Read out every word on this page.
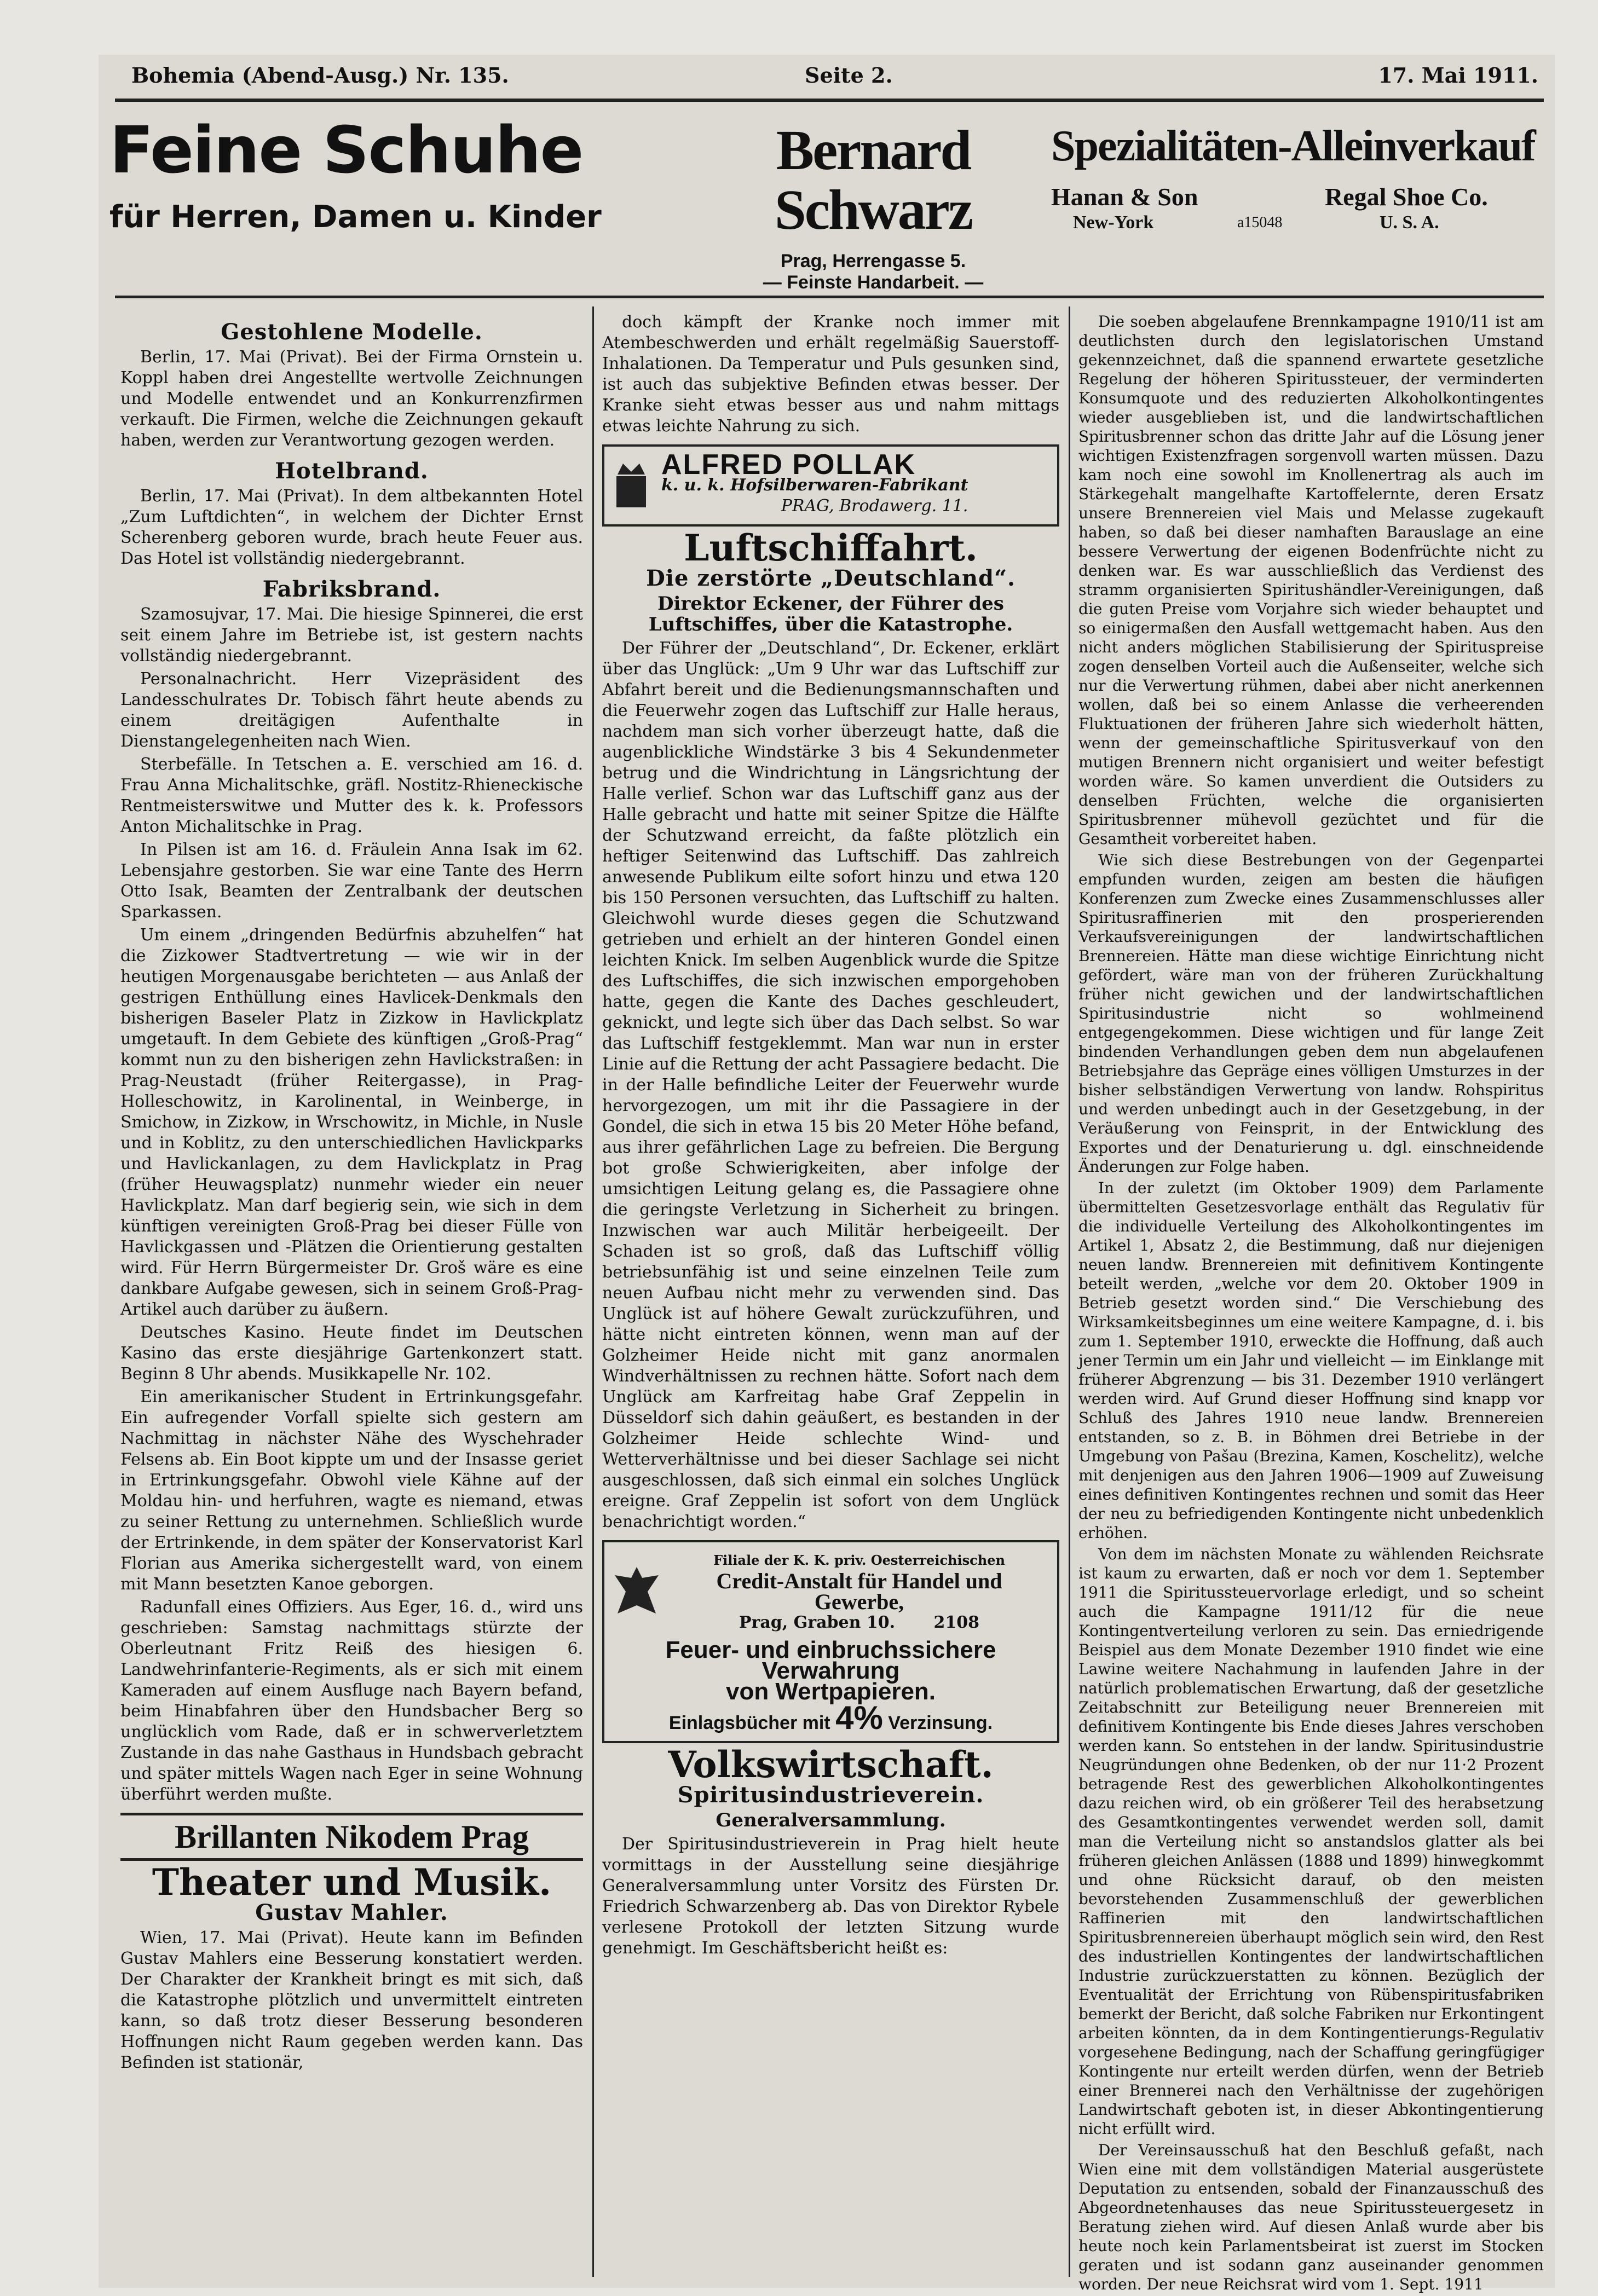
Bohemia (Abend-Ausg.) Nr. 135.	Seite 2.	17. Mai 1911.
Feine Schuhe
für Herren, Damen u. Kinder
Bernard Schwarz
Prag, Herrengasse 5.
— Feinste Handarbeit. —
Spezialitäten-Alleinverkauf
Hanan & Son	Regal Shoe Co.
New-York	a15048	U. S. A.
Gestohlene Modelle.

Berlin, 17. Mai (Privat). Bei der Firma Ornstein u. Koppl haben drei Angestellte wertvolle Zeichnungen und Modelle entwendet und an Konkurrenzfirmen verkauft. Die Firmen, welche die Zeichnungen gekauft haben, werden zur Verantwortung gezogen werden.

Hotelbrand.

Berlin, 17. Mai (Privat). In dem altbekannten Hotel „Zum Luftdichten“, in welchem der Dichter Ernst Scherenberg geboren wurde, brach heute Feuer aus. Das Hotel ist vollständig niedergebrannt.

Fabriksbrand.

Szamosujvar, 17. Mai. Die hiesige Spinnerei, die erst seit einem Jahre im Betriebe ist, ist gestern nachts vollständig niedergebrannt.

Personalnachricht. Herr Vizepräsident des Landesschulrates Dr. Tobisch fährt heute abends zu einem dreitägigen Aufenthalte in Dienstangelegenheiten nach Wien.

Sterbefälle. In Tetschen a. E. verschied am 16. d. Frau Anna Michalitschke, gräfl. Nostitz-Rhieneckische Rentmeisterswitwe und Mutter des k. k. Professors Anton Michalitschke in Prag.

In Pilsen ist am 16. d. Fräulein Anna Isak im 62. Lebensjahre gestorben. Sie war eine Tante des Herrn Otto Isak, Beamten der Zentralbank der deutschen Sparkassen.

Um einem „dringenden Bedürfnis abzuhelfen“ hat die Zizkower Stadtvertretung — wie wir in der heutigen Morgenausgabe berichteten — aus Anlaß der gestrigen Enthüllung eines Havlicek-Denkmals den bisherigen Baseler Platz in Zizkow in Havlickplatz umgetauft. In dem Gebiete des künftigen „Groß-Prag“ kommt nun zu den bisherigen zehn Havlickstraßen: in Prag-Neustadt (früher Reitergasse), in Prag-Holleschowitz, in Karolinental, in Weinberge, in Smichow, in Zizkow, in Wrschowitz, in Michle, in Nusle und in Koblitz, zu den unterschiedlichen Havlickparks und Havlickanlagen, zu dem Havlickplatz in Prag (früher Heuwagsplatz) nunmehr wieder ein neuer Havlickplatz. Man darf begierig sein, wie sich in dem künftigen vereinigten Groß-Prag bei dieser Fülle von Havlickgassen und -Plätzen die Orientierung gestalten wird. Für Herrn Bürgermeister Dr. Groš wäre es eine dankbare Aufgabe gewesen, sich in seinem Groß-Prag-Artikel auch darüber zu äußern.

Deutsches Kasino. Heute findet im Deutschen Kasino das erste diesjährige Gartenkonzert statt. Beginn 8 Uhr abends. Musikkapelle Nr. 102.

Ein amerikanischer Student in Ertrinkungsgefahr. Ein aufregender Vorfall spielte sich gestern am Nachmittag in nächster Nähe des Wyschehrader Felsens ab. Ein Boot kippte um und der Insasse geriet in Ertrinkungsgefahr. Obwohl viele Kähne auf der Moldau hin- und herfuhren, wagte es niemand, etwas zu seiner Rettung zu unternehmen. Schließlich wurde der Ertrinkende, in dem später der Konservatorist Karl Florian aus Amerika sichergestellt ward, von einem mit Mann besetzten Kanoe geborgen.

Radunfall eines Offiziers. Aus Eger, 16. d., wird uns geschrieben: Samstag nachmittags stürzte der Oberleutnant Fritz Reiß des hiesigen 6. Landwehrinfanterie-Regiments, als er sich mit einem Kameraden auf einem Ausfluge nach Bayern befand, beim Hinabfahren über den Hundsbacher Berg so unglücklich vom Rade, daß er in schwerverletztem Zustande in das nahe Gasthaus in Hundsbach gebracht und später mittels Wagen nach Eger in seine Wohnung überführt werden mußte.

Brillanten Nikodem Prag
Theater und Musik.
Gustav Mahler.

Wien, 17. Mai (Privat). Heute kann im Befinden Gustav Mahlers eine Besserung konstatiert werden. Der Charakter der Krankheit bringt es mit sich, daß die Katastrophe plötzlich und unvermittelt eintreten kann, so daß trotz dieser Besserung besonderen Hoffnungen nicht Raum gegeben werden kann. Das Befinden ist stationär,

doch kämpft der Kranke noch immer mit Atembeschwerden und erhält regelmäßig Sauerstoff-Inhalationen. Da Temperatur und Puls gesunken sind, ist auch das subjektive Befinden etwas besser. Der Kranke sieht etwas besser aus und nahm mittags etwas leichte Nahrung zu sich.

ALFRED POLLAK
k. u. k. Hofsilberwaren-Fabrikant
PRAG, Brodawerg. 11.
Luftschiffahrt.
Die zerstörte „Deutschland“.
Direktor Eckener, der Führer des Luftschiffes, über die Katastrophe.

Der Führer der „Deutschland“, Dr. Eckener, erklärt über das Unglück: „Um 9 Uhr war das Luftschiff zur Abfahrt bereit und die Bedienungsmannschaften und die Feuerwehr zogen das Luftschiff zur Halle heraus, nachdem man sich vorher überzeugt hatte, daß die augenblickliche Windstärke 3 bis 4 Sekundenmeter betrug und die Windrichtung in Längsrichtung der Halle verlief. Schon war das Luftschiff ganz aus der Halle gebracht und hatte mit seiner Spitze die Hälfte der Schutzwand erreicht, da faßte plötzlich ein heftiger Seitenwind das Luftschiff. Das zahlreich anwesende Publikum eilte sofort hinzu und etwa 120 bis 150 Personen versuchten, das Luftschiff zu halten. Gleichwohl wurde dieses gegen die Schutzwand getrieben und erhielt an der hinteren Gondel einen leichten Knick. Im selben Augenblick wurde die Spitze des Luftschiffes, die sich inzwischen emporgehoben hatte, gegen die Kante des Daches geschleudert, geknickt, und legte sich über das Dach selbst. So war das Luftschiff festgeklemmt. Man war nun in erster Linie auf die Rettung der acht Passagiere bedacht. Die in der Halle befindliche Leiter der Feuerwehr wurde hervorgezogen, um mit ihr die Passagiere in der Gondel, die sich in etwa 15 bis 20 Meter Höhe befand, aus ihrer gefährlichen Lage zu befreien. Die Bergung bot große Schwierigkeiten, aber infolge der umsichtigen Leitung gelang es, die Passagiere ohne die geringste Verletzung in Sicherheit zu bringen. Inzwischen war auch Militär herbeigeeilt. Der Schaden ist so groß, daß das Luftschiff völlig betriebsunfähig ist und seine einzelnen Teile zum neuen Aufbau nicht mehr zu verwenden sind. Das Unglück ist auf höhere Gewalt zurückzuführen, und hätte nicht eintreten können, wenn man auf der Golzheimer Heide nicht mit ganz anormalen Windverhältnissen zu rechnen hätte. Sofort nach dem Unglück am Karfreitag habe Graf Zeppelin in Düsseldorf sich dahin geäußert, es bestanden in der Golzheimer Heide schlechte Wind- und Wetterverhältnisse und bei dieser Sachlage sei nicht ausgeschlossen, daß sich einmal ein solches Unglück ereigne. Graf Zeppelin ist sofort von dem Unglück benachrichtigt worden.“

Filiale der K. K. priv. Oesterreichischen
Credit-Anstalt für Handel und Gewerbe,
Prag, Graben 10. 2108
Feuer- und einbruchssichere Verwahrung
von Wertpapieren.
Einlagsbücher mit 4% Verzinsung.
Volkswirtschaft.
Spiritusindustrieverein.
Generalversammlung.

Der Spiritusindustrieverein in Prag hielt heute vormittags in der Ausstellung seine diesjährige Generalversammlung unter Vorsitz des Fürsten Dr. Friedrich Schwarzenberg ab. Das von Direktor Rybele verlesene Protokoll der letzten Sitzung wurde genehmigt. Im Geschäftsbericht heißt es:

Die soeben abgelaufene Brennkampagne 1910/11 ist am deutlichsten durch den legislatorischen Umstand gekennzeichnet, daß die spannend erwartete gesetzliche Regelung der höheren Spiritussteuer, der verminderten Konsumquote und des reduzierten Alkoholkontingentes wieder ausgeblieben ist, und die landwirtschaftlichen Spiritusbrenner schon das dritte Jahr auf die Lösung jener wichtigen Existenzfragen sorgenvoll warten müssen. Dazu kam noch eine sowohl im Knollenertrag als auch im Stärkegehalt mangelhafte Kartoffelernte, deren Ersatz unsere Brennereien viel Mais und Melasse zugekauft haben, so daß bei dieser namhaften Barauslage an eine bessere Verwertung der eigenen Bodenfrüchte nicht zu denken war. Es war ausschließlich das Verdienst des stramm organisierten Spiritushändler-Vereinigungen, daß die guten Preise vom Vorjahre sich wieder behauptet und so einigermaßen den Ausfall wettgemacht haben. Aus den nicht anders möglichen Stabilisierung der Spirituspreise zogen denselben Vorteil auch die Außenseiter, welche sich nur die Verwertung rühmen, dabei aber nicht anerkennen wollen, daß bei so einem Anlasse die verheerenden Fluktuationen der früheren Jahre sich wiederholt hätten, wenn der gemeinschaftliche Spiritusverkauf von den mutigen Brennern nicht organisiert und weiter befestigt worden wäre. So kamen unverdient die Outsiders zu denselben Früchten, welche die organisierten Spiritusbrenner mühevoll gezüchtet und für die Gesamtheit vorbereitet haben.

Wie sich diese Bestrebungen von der Gegenpartei empfunden wurden, zeigen am besten die häufigen Konferenzen zum Zwecke eines Zusammenschlusses aller Spiritusraffinerien mit den prosperierenden Verkaufsvereinigungen der landwirtschaftlichen Brennereien. Hätte man diese wichtige Einrichtung nicht gefördert, wäre man von der früheren Zurückhaltung früher nicht gewichen und der landwirtschaftlichen Spiritusindustrie nicht so wohlmeinend entgegengekommen. Diese wichtigen und für lange Zeit bindenden Verhandlungen geben dem nun abgelaufenen Betriebsjahre das Gepräge eines völligen Umsturzes in der bisher selbständigen Verwertung von landw. Rohspiritus und werden unbedingt auch in der Gesetzgebung, in der Veräußerung von Feinsprit, in der Entwicklung des Exportes und der Denaturierung u. dgl. einschneidende Änderungen zur Folge haben.

In der zuletzt (im Oktober 1909) dem Parlamente übermittelten Gesetzesvorlage enthält das Regulativ für die individuelle Verteilung des Alkoholkontingentes im Artikel 1, Absatz 2, die Bestimmung, daß nur diejenigen neuen landw. Brennereien mit definitivem Kontingente beteilt werden, „welche vor dem 20. Oktober 1909 in Betrieb gesetzt worden sind.“ Die Verschiebung des Wirksamkeitsbeginnes um eine weitere Kampagne, d. i. bis zum 1. September 1910, erweckte die Hoffnung, daß auch jener Termin um ein Jahr und vielleicht — im Einklange mit früherer Abgrenzung — bis 31. Dezember 1910 verlängert werden wird. Auf Grund dieser Hoffnung sind knapp vor Schluß des Jahres 1910 neue landw. Brennereien entstanden, so z. B. in Böhmen drei Betriebe in der Umgebung von Pašau (Brezina, Kamen, Koschelitz), welche mit denjenigen aus den Jahren 1906—1909 auf Zuweisung eines definitiven Kontingentes rechnen und somit das Heer der neu zu befriedigenden Kontingente nicht unbedenklich erhöhen.

Von dem im nächsten Monate zu wählenden Reichsrate ist kaum zu erwarten, daß er noch vor dem 1. September 1911 die Spiritussteuervorlage erledigt, und so scheint auch die Kampagne 1911/12 für die neue Kontingentverteilung verloren zu sein. Das erniedrigende Beispiel aus dem Monate Dezember 1910 findet wie eine Lawine weitere Nachahmung in laufenden Jahre in der natürlich problematischen Erwartung, daß der gesetzliche Zeitabschnitt zur Beteiligung neuer Brennereien mit definitivem Kontingente bis Ende dieses Jahres verschoben werden kann. So entstehen in der landw. Spiritusindustrie Neugründungen ohne Bedenken, ob der nur 11·2 Prozent betragende Rest des gewerblichen Alkoholkontingentes dazu reichen wird, ob ein größerer Teil des herabsetzung des Gesamtkontingentes verwendet werden soll, damit man die Verteilung nicht so anstandslos glatter als bei früheren gleichen Anlässen (1888 und 1899) hinwegkommt und ohne Rücksicht darauf, ob den meisten bevorstehenden Zusammenschluß der gewerblichen Raffinerien mit den landwirtschaftlichen Spiritusbrennereien überhaupt möglich sein wird, den Rest des industriellen Kontingentes der landwirtschaftlichen Industrie zurückzuerstatten zu können. Bezüglich der Eventualität der Errichtung von Rübenspiritusfabriken bemerkt der Bericht, daß solche Fabriken nur Erkontingent arbeiten könnten, da in dem Kontingentierungs-Regulativ vorgesehene Bedingung, nach der Schaffung geringfügiger Kontingente nur erteilt werden dürfen, wenn der Betrieb einer Brennerei nach den Verhältnisse der zugehörigen Landwirtschaft geboten ist, in dieser Abkontingentierung nicht erfüllt wird.

Der Vereinsausschuß hat den Beschluß gefaßt, nach Wien eine mit dem vollständigen Material ausgerüstete Deputation zu entsenden, sobald der Finanzausschuß des Abgeordnetenhauses das neue Spiritussteuergesetz in Beratung ziehen wird. Auf diesen Anlaß wurde aber bis heute noch kein Parlamentsbeirat ist zuerst im Stocken geraten und ist sodann ganz auseinander genommen worden. Der neue Reichsrat wird vom 1. Sept. 1911
